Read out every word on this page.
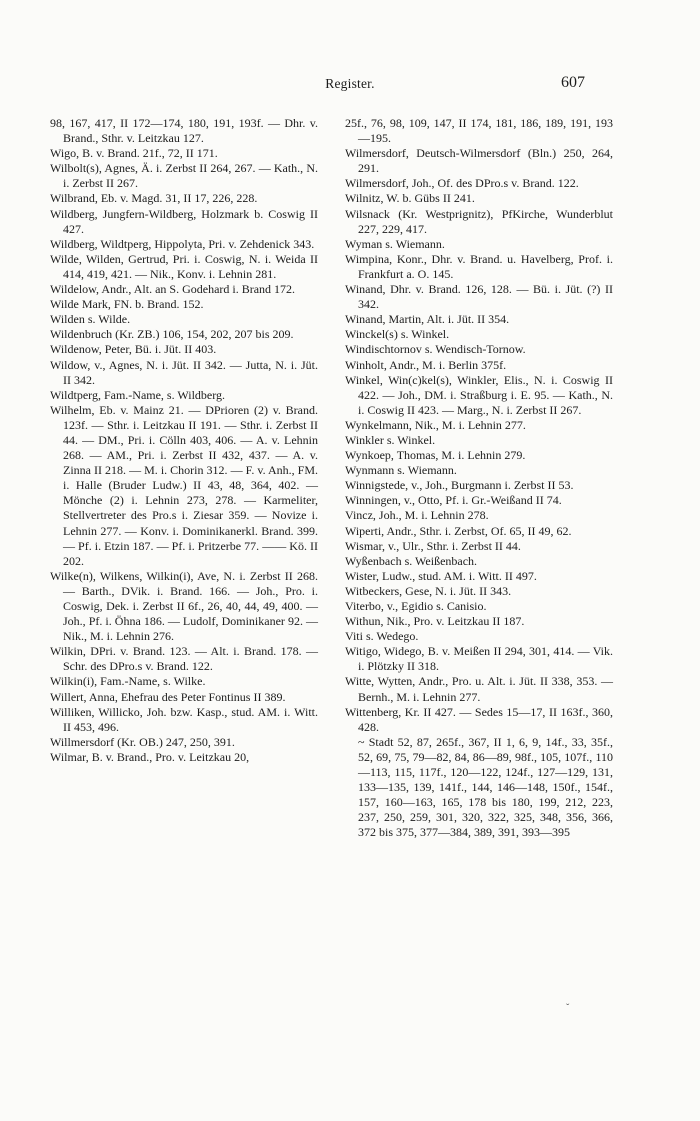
Register.	607

98, 167, 417, II 172—174, 180, 191, 193f. — Dhr. v. Brand., Sthr. v. Leitzkau 127.

Wigo, B. v. Brand. 21f., 72, II 171.

Wilbolt(s), Agnes, Ä. i. Zerbst II 264, 267. — Kath., N. i. Zerbst II 267.

Wilbrand, Eb. v. Magd. 31, II 17, 226, 228.

Wildberg, Jungfern-Wildberg, Holzmark b. Coswig II 427.

Wildberg, Wildtperg, Hippolyta, Pri. v. Zehdenick 343.

Wilde, Wilden, Gertrud, Pri. i. Coswig, N. i. Weida II 414, 419, 421. — Nik., Konv. i. Lehnin 281.

Wildelow, Andr., Alt. an S. Godehard i. Brand 172.

Wilde Mark, FN. b. Brand. 152.

Wilden s. Wilde.

Wildenbruch (Kr. ZB.) 106, 154, 202, 207 bis 209.

Wildenow, Peter, Bü. i. Jüt. II 403.

Wildow, v., Agnes, N. i. Jüt. II 342. — Jutta, N. i. Jüt. II 342.

Wildtperg, Fam.-Name, s. Wildberg.

Wilhelm, Eb. v. Mainz 21. — DPrioren (2) v. Brand. 123f. — Sthr. i. Leitzkau II 191. — Sthr. i. Zerbst II 44. — DM., Pri. i. Cölln 403, 406. — A. v. Lehnin 268. — AM., Pri. i. Zerbst II 432, 437. — A. v. Zinna II 218. — M. i. Chorin 312. — F. v. Anh., FM. i. Halle (Bruder Ludw.) II 43, 48, 364, 402. — Mönche (2) i. Lehnin 273, 278. — Karmeliter, Stellvertreter des Pro.s i. Ziesar 359. — Novize i. Lehnin 277. — Konv. i. Dominikanerkl. Brand. 399. — Pf. i. Etzin 187. — Pf. i. Pritzerbe 77. —— Kö. II 202.

Wilke(n), Wilkens, Wilkin(i), Ave, N. i. Zerbst II 268. — Barth., DVik. i. Brand. 166. — Joh., Pro. i. Coswig, Dek. i. Zerbst II 6f., 26, 40, 44, 49, 400. — Joh., Pf. i. Öhna 186. — Ludolf, Dominikaner 92. — Nik., M. i. Lehnin 276.

Wilkin, DPri. v. Brand. 123. — Alt. i. Brand. 178. — Schr. des DPro.s v. Brand. 122.

Wilkin(i), Fam.-Name, s. Wilke.

Willert, Anna, Ehefrau des Peter Fontinus II 389.

Williken, Willicko, Joh. bzw. Kasp., stud. AM. i. Witt. II 453, 496.

Willmersdorf (Kr. OB.) 247, 250, 391.

Wilmar, B. v. Brand., Pro. v. Leitzkau 20,

25f., 76, 98, 109, 147, II 174, 181, 186, 189, 191, 193—195.

Wilmersdorf, Deutsch-Wilmersdorf (Bln.) 250, 264, 291.

Wilmersdorf, Joh., Of. des DPro.s v. Brand. 122.

Wilnitz, W. b. Gübs II 241.

Wilsnack (Kr. Westprignitz), PfKirche, Wunderblut 227, 229, 417.

Wyman s. Wiemann.

Wimpina, Konr., Dhr. v. Brand. u. Havelberg, Prof. i. Frankfurt a. O. 145.

Winand, Dhr. v. Brand. 126, 128. — Bü. i. Jüt. (?) II 342.

Winand, Martin, Alt. i. Jüt. II 354.

Winckel(s) s. Winkel.

Windischtornov s. Wendisch-Tornow.

Winholt, Andr., M. i. Berlin 375f.

Winkel, Win(c)kel(s), Winkler, Elis., N. i. Coswig II 422. — Joh., DM. i. Straßburg i. E. 95. — Kath., N. i. Coswig II 423. — Marg., N. i. Zerbst II 267.

Wynkelmann, Nik., M. i. Lehnin 277.

Winkler s. Winkel.

Wynkoep, Thomas, M. i. Lehnin 279.

Wynmann s. Wiemann.

Winnigstede, v., Joh., Burgmann i. Zerbst II 53.

Winningen, v., Otto, Pf. i. Gr.-Weißand II 74.

Vincz, Joh., M. i. Lehnin 278.

Wiperti, Andr., Sthr. i. Zerbst, Of. 65, II 49, 62.

Wismar, v., Ulr., Sthr. i. Zerbst II 44.

Wyßenbach s. Weißenbach.

Wister, Ludw., stud. AM. i. Witt. II 497.

Witbeckers, Gese, N. i. Jüt. II 343.

Viterbo, v., Egidio s. Canisio.

Withun, Nik., Pro. v. Leitzkau II 187.

Viti s. Wedego.

Witigo, Widego, B. v. Meißen II 294, 301, 414. — Vik. i. Plötzky II 318.

Witte, Wytten, Andr., Pro. u. Alt. i. Jüt. II 338, 353. — Bernh., M. i. Lehnin 277.

Wittenberg, Kr. II 427. — Sedes 15—17, II 163f., 360, 428.

~ Stadt 52, 87, 265f., 367, II 1, 6, 9, 14f., 33, 35f., 52, 69, 75, 79—82, 84, 86—89, 98f., 105, 107f., 110—113, 115, 117f., 120—122, 124f., 127—129, 131, 133—135, 139, 141f., 144, 146—148, 150f., 154f., 157, 160—163, 165, 178 bis 180, 199, 212, 223, 237, 250, 259, 301, 320, 322, 325, 348, 356, 366, 372 bis 375, 377—384, 389, 391, 393—395

ˇ
